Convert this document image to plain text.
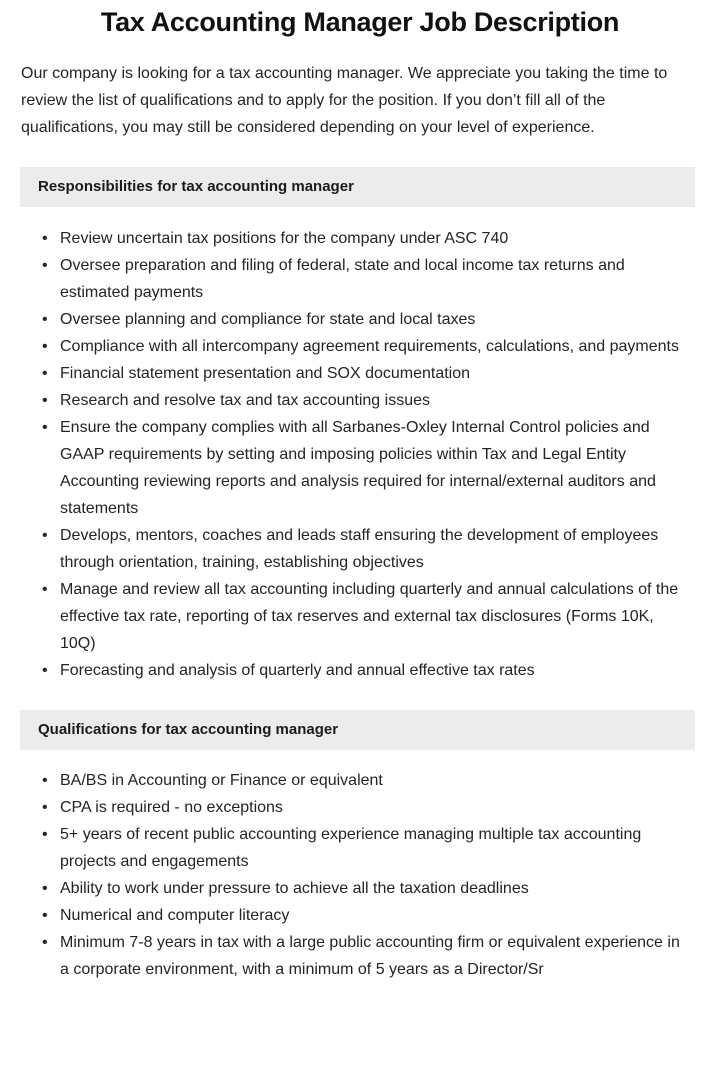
Tax Accounting Manager Job Description

Our company is looking for a tax accounting manager. We appreciate you taking the time to review the list of qualifications and to apply for the position. If you don’t fill all of the qualifications, you may still be considered depending on your level of experience.

Responsibilities for tax accounting manager
• Review uncertain tax positions for the company under ASC 740
• Oversee preparation and filing of federal, state and local income tax returns and estimated payments
• Oversee planning and compliance for state and local taxes
• Compliance with all intercompany agreement requirements, calculations, and payments
• Financial statement presentation and SOX documentation
• Research and resolve tax and tax accounting issues
• Ensure the company complies with all Sarbanes-Oxley Internal Control policies and GAAP requirements by setting and imposing policies within Tax and Legal Entity Accounting reviewing reports and analysis required for internal/external auditors and statements
• Develops, mentors, coaches and leads staff ensuring the development of employees through orientation, training, establishing objectives
• Manage and review all tax accounting including quarterly and annual calculations of the effective tax rate, reporting of tax reserves and external tax disclosures (Forms 10K, 10Q)
• Forecasting and analysis of quarterly and annual effective tax rates
Qualifications for tax accounting manager
• BA/BS in Accounting or Finance or equivalent
• CPA is required - no exceptions
• 5+ years of recent public accounting experience managing multiple tax accounting projects and engagements
• Ability to work under pressure to achieve all the taxation deadlines
• Numerical and computer literacy
• Minimum 7-8 years in tax with a large public accounting firm or equivalent experience in a corporate environment, with a minimum of 5 years as a Director/Sr
